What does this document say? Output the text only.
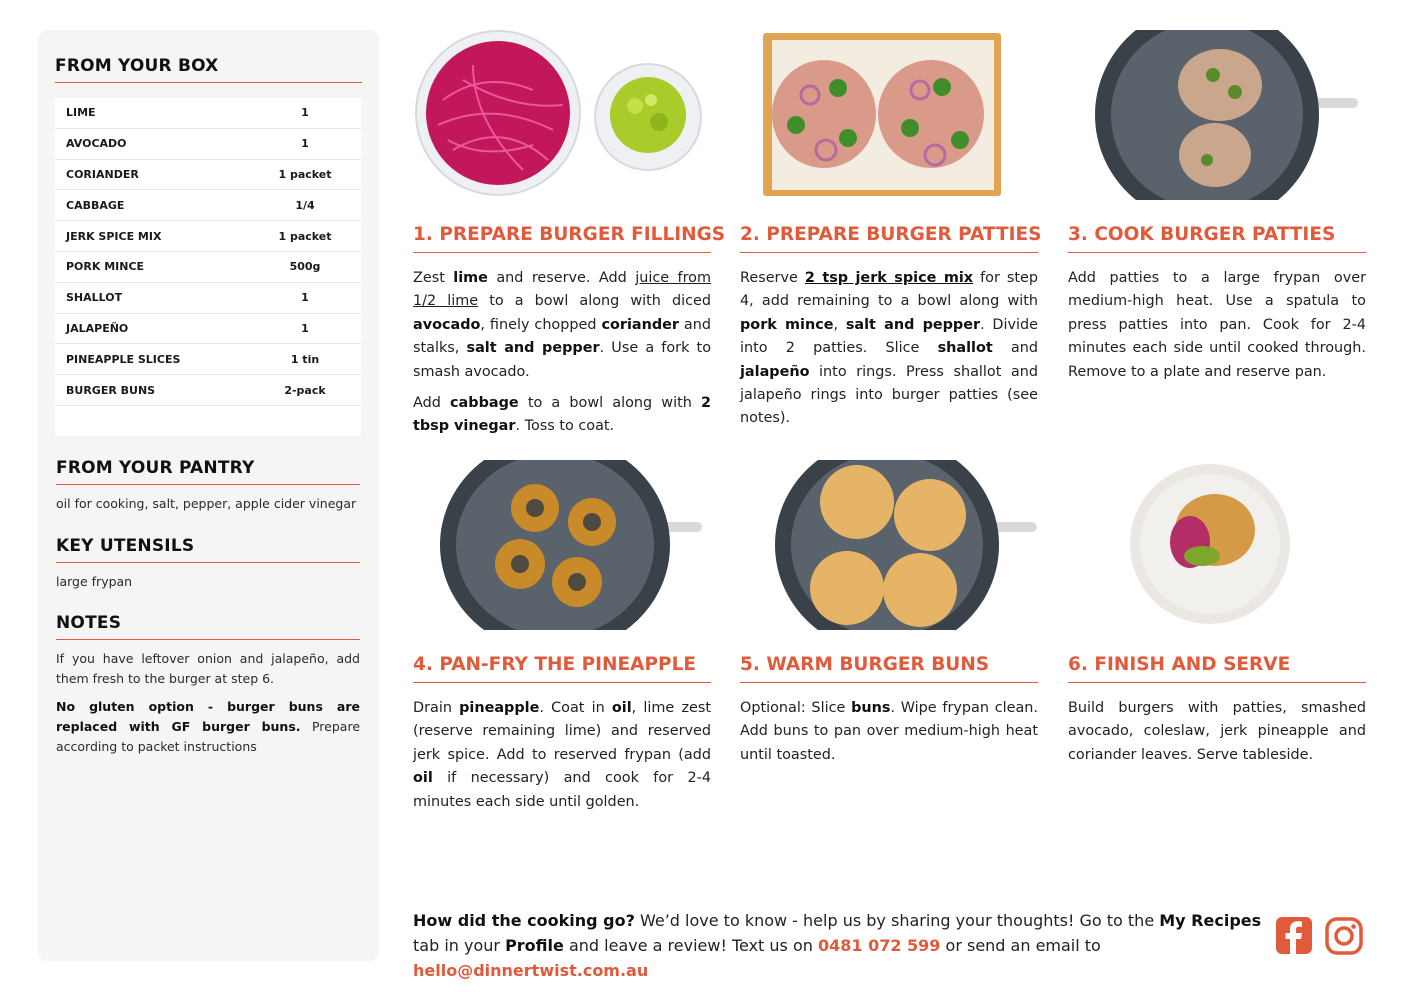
FROM YOUR BOX
LIME	1
AVOCADO	1
CORIANDER	1 packet
CABBAGE	1/4
JERK SPICE MIX	1 packet
PORK MINCE	500g
SHALLOT	1
JALAPEÑO	1
PINEAPPLE SLICES	1 tin
BURGER BUNS	2-pack
FROM YOUR PANTRY

oil for cooking, salt, pepper, apple cider vinegar

KEY UTENSILS

large frypan

NOTES

If you have leftover onion and jalapeño, add them fresh to the burger at step 6.

No gluten option - burger buns are replaced with GF burger buns. Prepare according to packet instructions

1. PREPARE BURGER FILLINGS

Zest lime and reserve. Add juice from 1/2 lime to a bowl along with diced avocado, finely chopped coriander and stalks, salt and pepper. Use a fork to smash avocado.

Add cabbage to a bowl along with 2 tbsp vinegar. Toss to coat.

2. PREPARE BURGER PATTIES

Reserve 2 tsp jerk spice mix for step 4, add remaining to a bowl along with pork mince, salt and pepper. Divide into 2 patties. Slice shallot and jalapeño into rings. Press shallot and jalapeño rings into burger patties (see notes).

3. COOK BURGER PATTIES

Add patties to a large frypan over medium-high heat. Use a spatula to press patties into pan. Cook for 2-4 minutes each side until cooked through. Remove to a plate and reserve pan.

4. PAN-FRY THE PINEAPPLE

Drain pineapple. Coat in oil, lime zest (reserve remaining lime) and reserved jerk spice. Add to reserved frypan (add oil if necessary) and cook for 2-4 minutes each side until golden.

5. WARM BURGER BUNS

Optional: Slice buns. Wipe frypan clean. Add buns to pan over medium-high heat until toasted.

6. FINISH AND SERVE

Build burgers with patties, smashed avocado, coleslaw, jerk pineapple and coriander leaves. Serve tableside.

How did the cooking go? We’d love to know - help us by sharing your thoughts! Go to the My Recipes tab in your Profile and leave a review! Text us on 0481 072 599 or send an email to hello@dinnertwist.com.au
